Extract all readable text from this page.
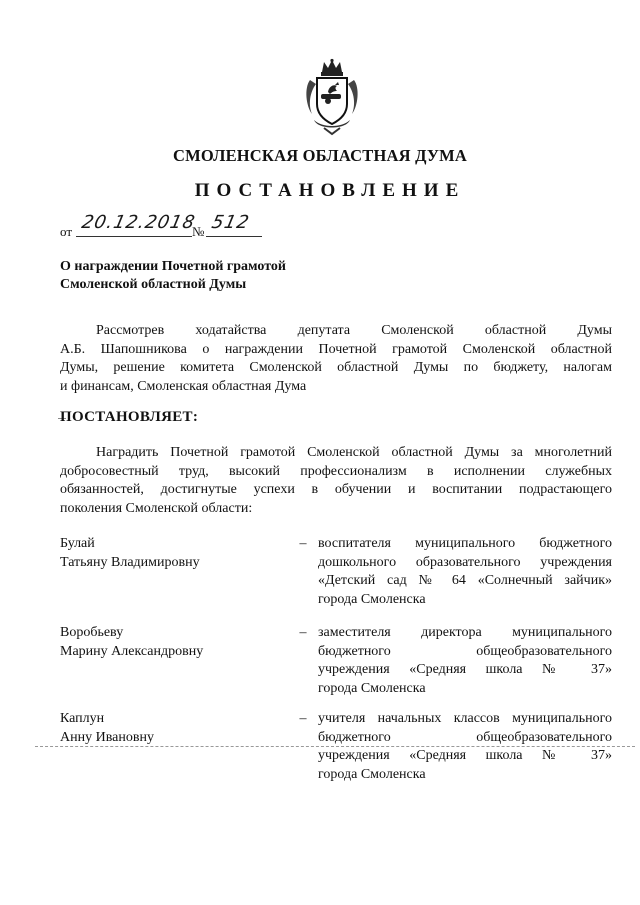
СМОЛЕНСКАЯ ОБЛАСТНАЯ ДУМА
ПОСТАНОВЛЕНИЕ
от 20.12.2018
№ 512
О награждении Почетной грамотой
Смоленской областной Думы
Рассмотрев ходатайства депутата Смоленской областной Думы
А.Б. Шапошникова о награждении Почетной грамотой Смоленской областной
Думы, решение комитета Смоленской областной Думы по бюджету, налогам
и финансам, Смоленская областная Дума
ПОСТАНОВЛЯЕТ:
Наградить Почетной грамотой Смоленской областной Думы за многолетний
добросовестный труд, высокий профессионализм в исполнении служебных
обязанностей, достигнутые успехи в обучении и воспитании подрастающего
поколения Смоленской области:
Булай
Татьяну Владимировну
– воспитателя муниципального бюджетного
дошкольного образовательного учреждения
«Детский сад № 64 «Солнечный зайчик»
города Смоленска
Воробьеву
Марину Александровну
– заместителя директора муниципального
бюджетного общеобразовательного
учреждения «Средняя школа № 37»
города Смоленска
Каплун
Анну Ивановну
– учителя начальных классов муниципального
бюджетного общеобразовательного
учреждения «Средняя школа № 37»
города Смоленска
